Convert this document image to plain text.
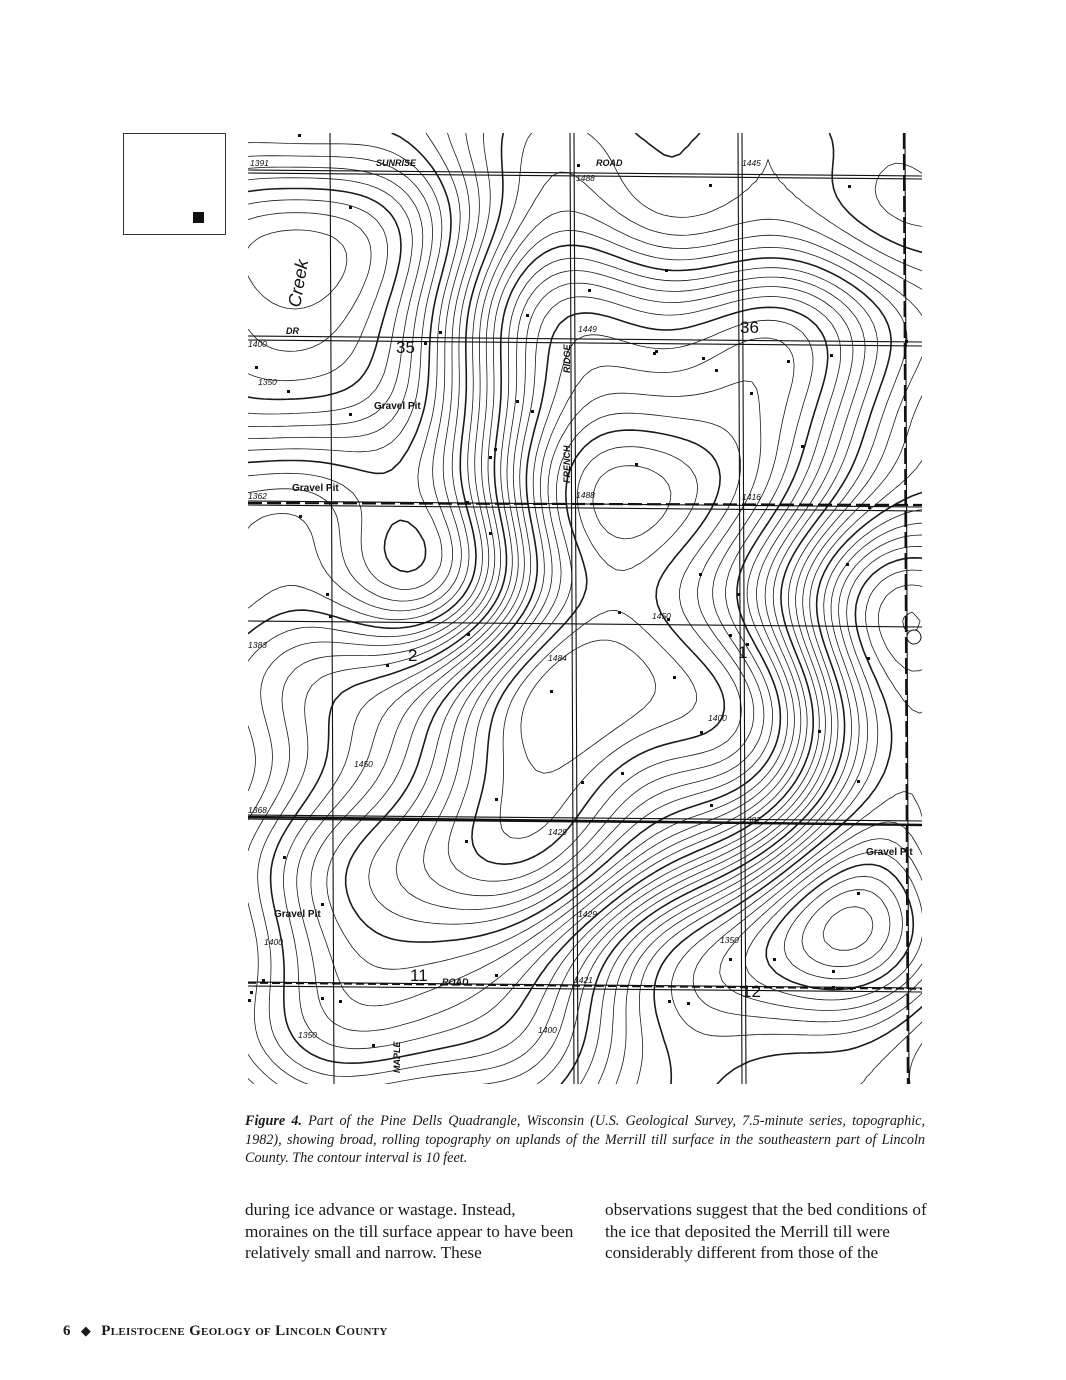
35
36
2	1
11
12
SUNRISE	ROAD
FRENCH
RIDGE
DR
ROAD
MAPLE
Creek
Gravel Pit
Gravel Pit
Gravel Pit
Gravel Pit
1391
1488
1445
1449
1400
1350
1362	1488	1416
1383
1484
1450
1400
1450
1368
1429
1387
1429
1400
1421
1400
1350
1350
Figure 4. Part of the Pine Dells Quadrangle, Wisconsin (U.S. Geological Survey, 7.5-minute series, topographic, 1982), showing broad, rolling topography on uplands of the Merrill till surface in the southeastern part of Lincoln County. The contour interval is 10 feet.
during ice advance or wastage. Instead, moraines on the till surface appear to have been relatively small and narrow. These
observations suggest that the bed conditions of the ice that deposited the Merrill till were considerably different from those of the
6 ◆ Pleistocene Geology of Lincoln County
